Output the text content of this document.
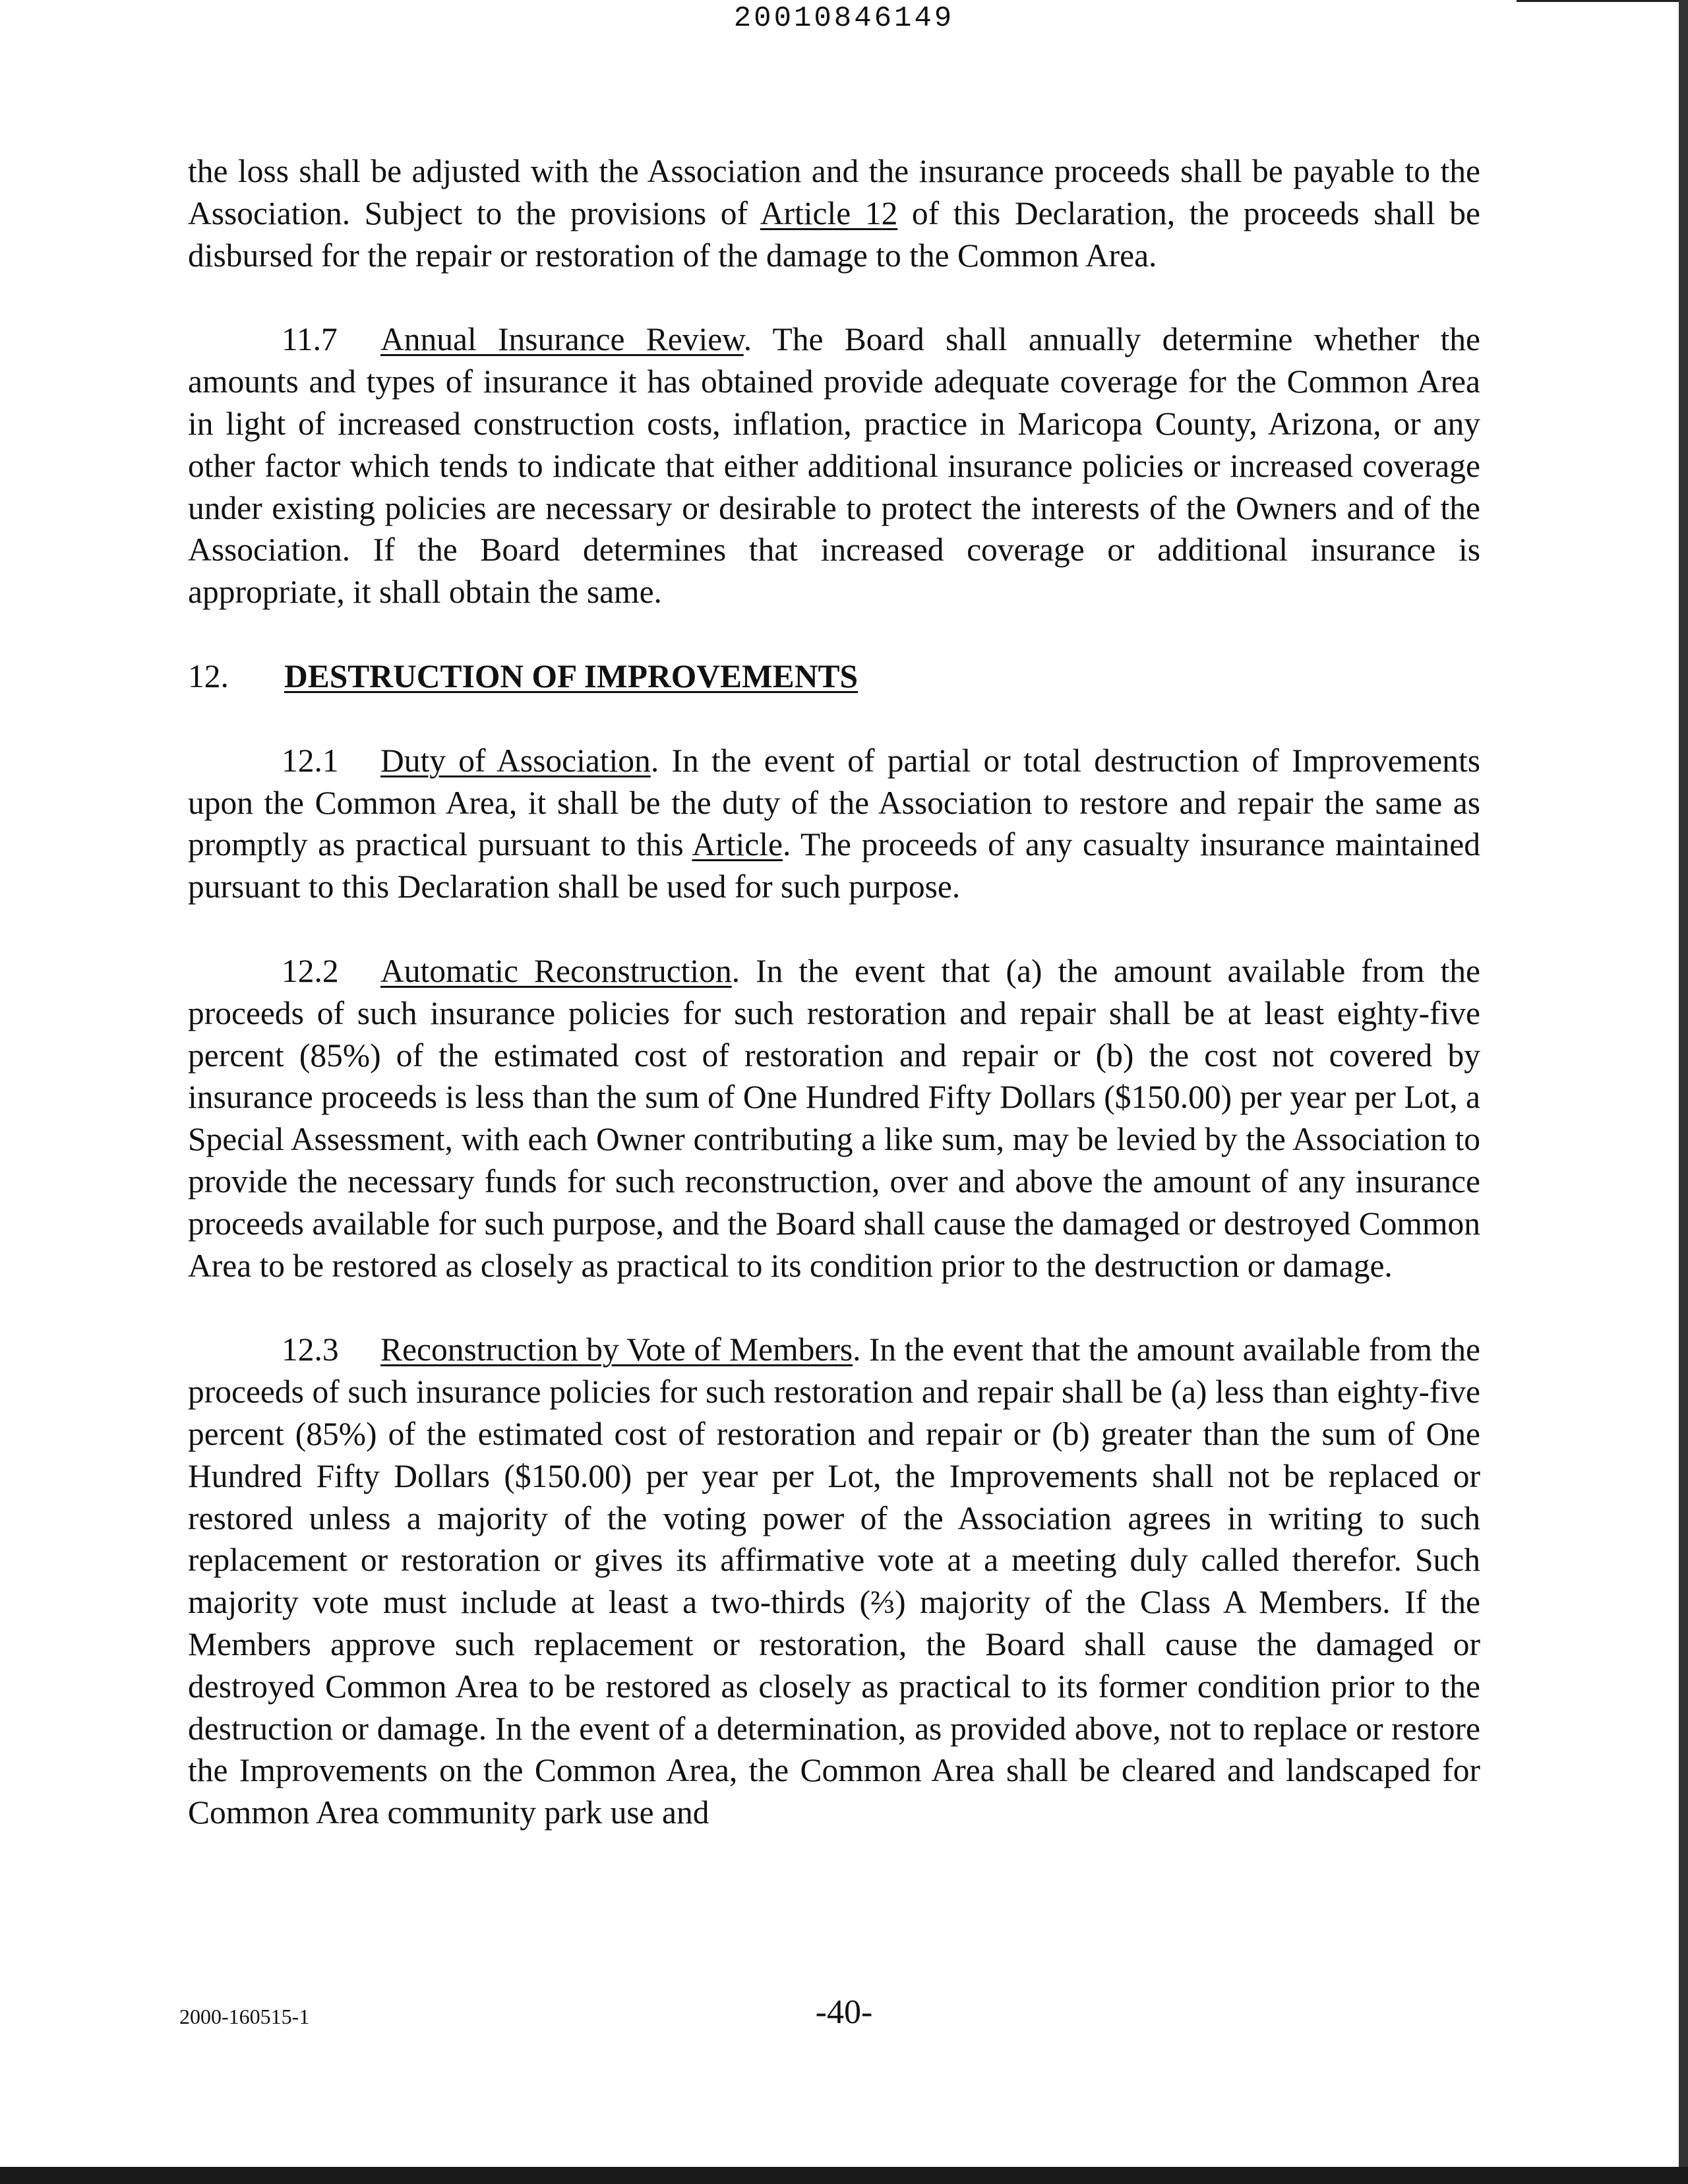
20010846149

the loss shall be adjusted with the Association and the insurance proceeds shall be payable to the Association. Subject to the provisions of Article 12 of this Declaration, the proceeds shall be disbursed for the repair or restoration of the damage to the Common Area.

11.7 Annual Insurance Review. The Board shall annually determine whether the amounts and types of insurance it has obtained provide adequate coverage for the Common Area in light of increased construction costs, inflation, practice in Maricopa County, Arizona, or any other factor which tends to indicate that either additional insurance policies or increased coverage under existing policies are necessary or desirable to protect the interests of the Owners and of the Association. If the Board determines that increased coverage or additional insurance is appropriate, it shall obtain the same.

12. DESTRUCTION OF IMPROVEMENTS

12.1 Duty of Association. In the event of partial or total destruction of Improvements upon the Common Area, it shall be the duty of the Association to restore and repair the same as promptly as practical pursuant to this Article. The proceeds of any casualty insurance maintained pursuant to this Declaration shall be used for such purpose.

12.2 Automatic Reconstruction. In the event that (a) the amount available from the proceeds of such insurance policies for such restoration and repair shall be at least eighty-five percent (85%) of the estimated cost of restoration and repair or (b) the cost not covered by insurance proceeds is less than the sum of One Hundred Fifty Dollars ($150.00) per year per Lot, a Special Assessment, with each Owner contributing a like sum, may be levied by the Association to provide the necessary funds for such reconstruction, over and above the amount of any insurance proceeds available for such purpose, and the Board shall cause the damaged or destroyed Common Area to be restored as closely as practical to its condition prior to the destruction or damage.

12.3 Reconstruction by Vote of Members. In the event that the amount available from the proceeds of such insurance policies for such restoration and repair shall be (a) less than eighty-five percent (85%) of the estimated cost of restoration and repair or (b) greater than the sum of One Hundred Fifty Dollars ($150.00) per year per Lot, the Improvements shall not be replaced or restored unless a majority of the voting power of the Association agrees in writing to such replacement or restoration or gives its affirmative vote at a meeting duly called therefor. Such majority vote must include at least a two-thirds (⅔) majority of the Class A Members. If the Members approve such replacement or restoration, the Board shall cause the damaged or destroyed Common Area to be restored as closely as practical to its former condition prior to the destruction or damage. In the event of a determination, as provided above, not to replace or restore the Improvements on the Common Area, the Common Area shall be cleared and landscaped for Common Area community park use and

2000-160515-1	-40-
